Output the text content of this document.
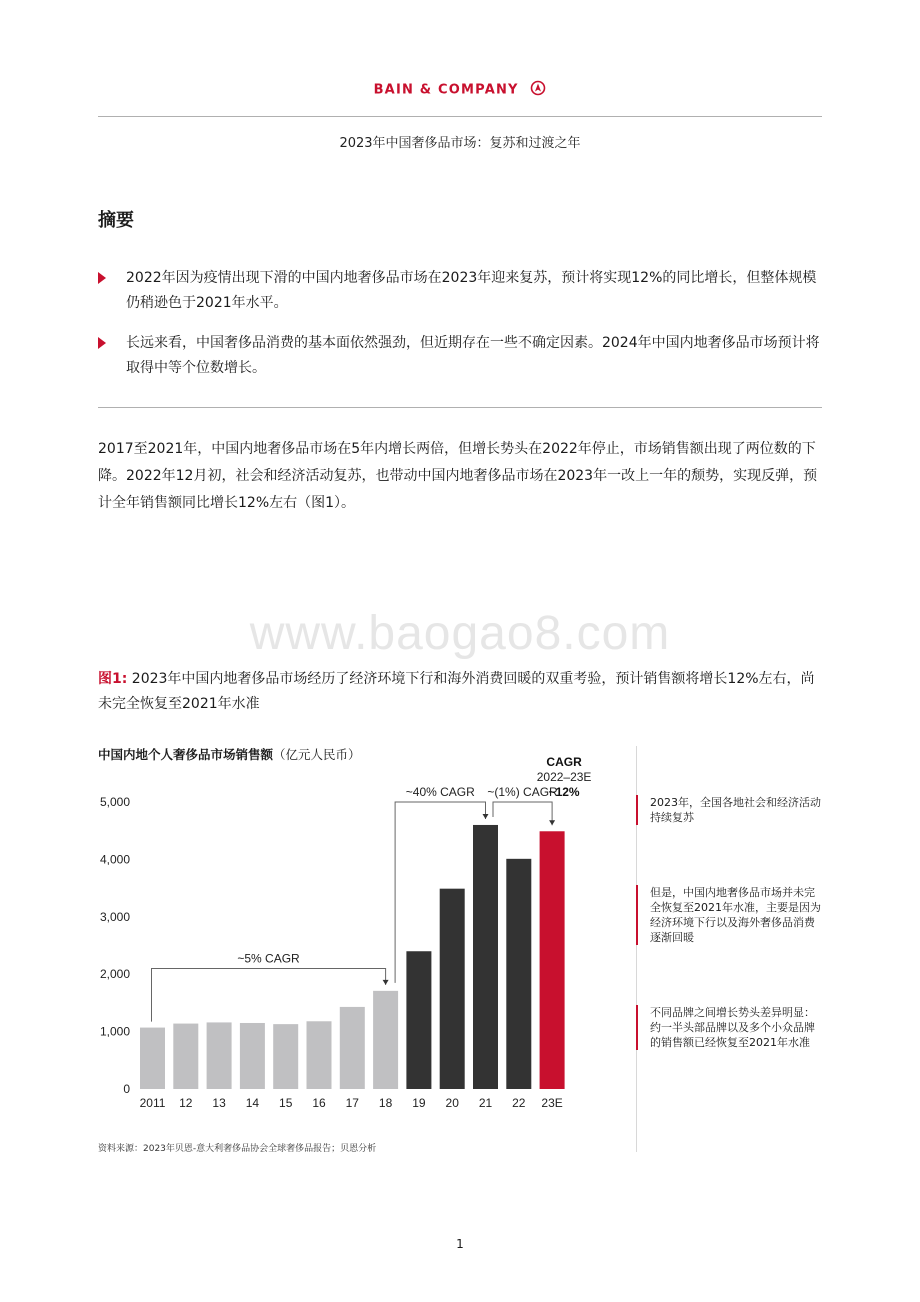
BAIN & COMPANY
2023年中国奢侈品市场：复苏和过渡之年
摘要
2022年因为疫情出现下滑的中国内地奢侈品市场在2023年迎来复苏，预计将实现12%的同比增长，但整体规模仍稍逊色于2021年水平。
长远来看，中国奢侈品消费的基本面依然强劲，但近期存在一些不确定因素。2024年中国内地奢侈品市场预计将取得中等个位数增长。
2017至2021年，中国内地奢侈品市场在5年内增长两倍，但增长势头在2022年停止，市场销售额出现了两位数的下降。2022年12月初，社会和经济活动复苏，也带动中国内地奢侈品市场在2023年一改上一年的颓势，实现反弹，预计全年销售额同比增长12%左右（图1）。
www.baogao8.com
图1: 2023年中国内地奢侈品市场经历了经济环境下行和海外消费回暖的双重考验，预计销售额将增长12%左右，尚未完全恢复至2021年水准
中国内地个人奢侈品市场销售额（亿元人民币）
5,000
4,000
3,000
2,000
1,000
0
2011 12 13 14 15 16 17 18 19 20 21 22 23E
~5% CAGR
~40% CAGR ~(1%) CAGR
CAGR
2022–23E
~12%
2023年，全国各地社会和经济活动持续复苏
但是，中国内地奢侈品市场并未完全恢复至2021年水准，主要是因为经济环境下行以及海外奢侈品消费逐渐回暖
不同品牌之间增长势头差异明显：约一半头部品牌以及多个小众品牌的销售额已经恢复至2021年水准
资料来源：2023年贝恩-意大利奢侈品协会全球奢侈品报告；贝恩分析
1
